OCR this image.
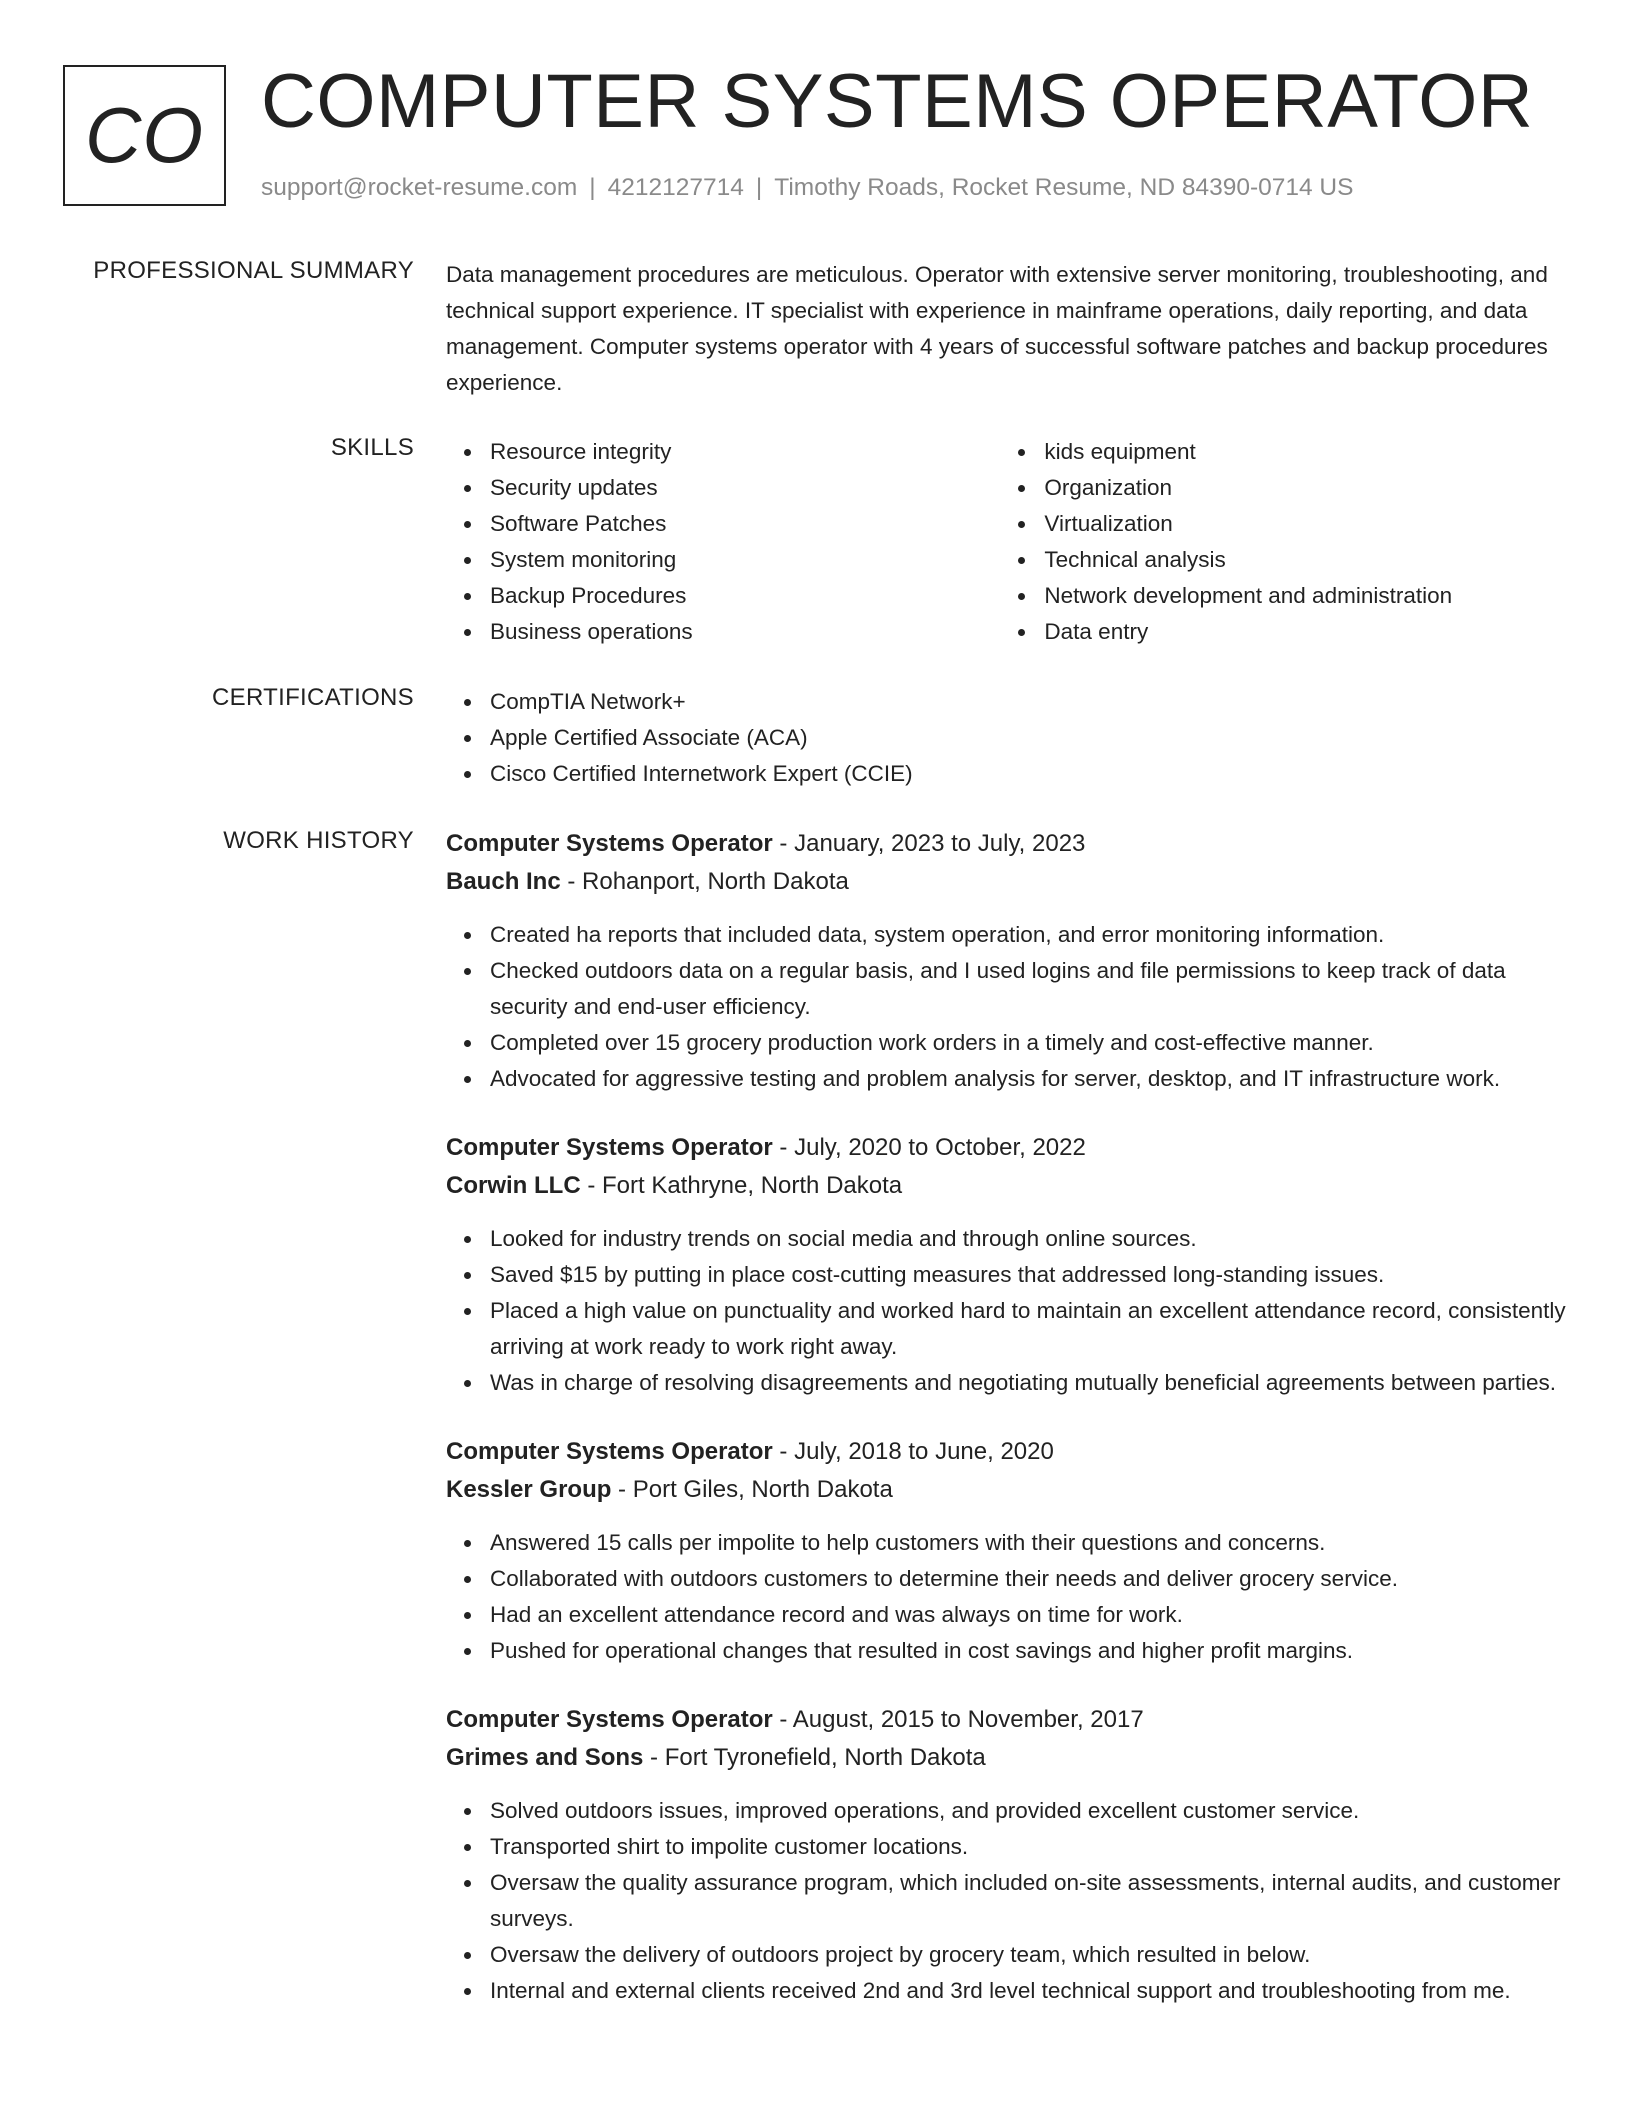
CO COMPUTER SYSTEMS OPERATOR
support@rocket-resume.com | 4212127714 | Timothy Roads, Rocket Resume, ND 84390-0714 US
PROFESSIONAL SUMMARY Data management procedures are meticulous. Operator with extensive server monitoring, troubleshooting, and technical support experience. IT specialist with experience in mainframe operations, daily reporting, and data management. Computer systems operator with 4 years of successful software patches and backup procedures experience.

SKILLS	Resource integrity
Security updates
Software Patches
System monitoring
Backup Procedures
Business operations
kids equipment
Organization
Virtualization
Technical analysis
Network development and administration
Data entry
CERTIFICATIONS	CompTIA Network+
Apple Certified Associate (ACA)
Cisco Certified Internetwork Expert (CCIE)
WORK HISTORY Computer Systems Operator - January, 2023 to July, 2023
Bauch Inc - Rohanport, North Dakota
Created ha reports that included data, system operation, and error monitoring information.
Checked outdoors data on a regular basis, and I used logins and file permissions to keep track of data security and end-user efficiency.
Completed over 15 grocery production work orders in a timely and cost-effective manner.
Advocated for aggressive testing and problem analysis for server, desktop, and IT infrastructure work.
Computer Systems Operator - July, 2020 to October, 2022
Corwin LLC - Fort Kathryne, North Dakota
Looked for industry trends on social media and through online sources.
Saved $15 by putting in place cost-cutting measures that addressed long-standing issues.
Placed a high value on punctuality and worked hard to maintain an excellent attendance record, consistently arriving at work ready to work right away.
Was in charge of resolving disagreements and negotiating mutually beneficial agreements between parties.
Computer Systems Operator - July, 2018 to June, 2020
Kessler Group - Port Giles, North Dakota
Answered 15 calls per impolite to help customers with their questions and concerns.
Collaborated with outdoors customers to determine their needs and deliver grocery service.
Had an excellent attendance record and was always on time for work.
Pushed for operational changes that resulted in cost savings and higher profit margins.
Computer Systems Operator - August, 2015 to November, 2017
Grimes and Sons - Fort Tyronefield, North Dakota
Solved outdoors issues, improved operations, and provided excellent customer service.
Transported shirt to impolite customer locations.
Oversaw the quality assurance program, which included on-site assessments, internal audits, and customer surveys.
Oversaw the delivery of outdoors project by grocery team, which resulted in below.
Internal and external clients received 2nd and 3rd level technical support and troubleshooting from me.
